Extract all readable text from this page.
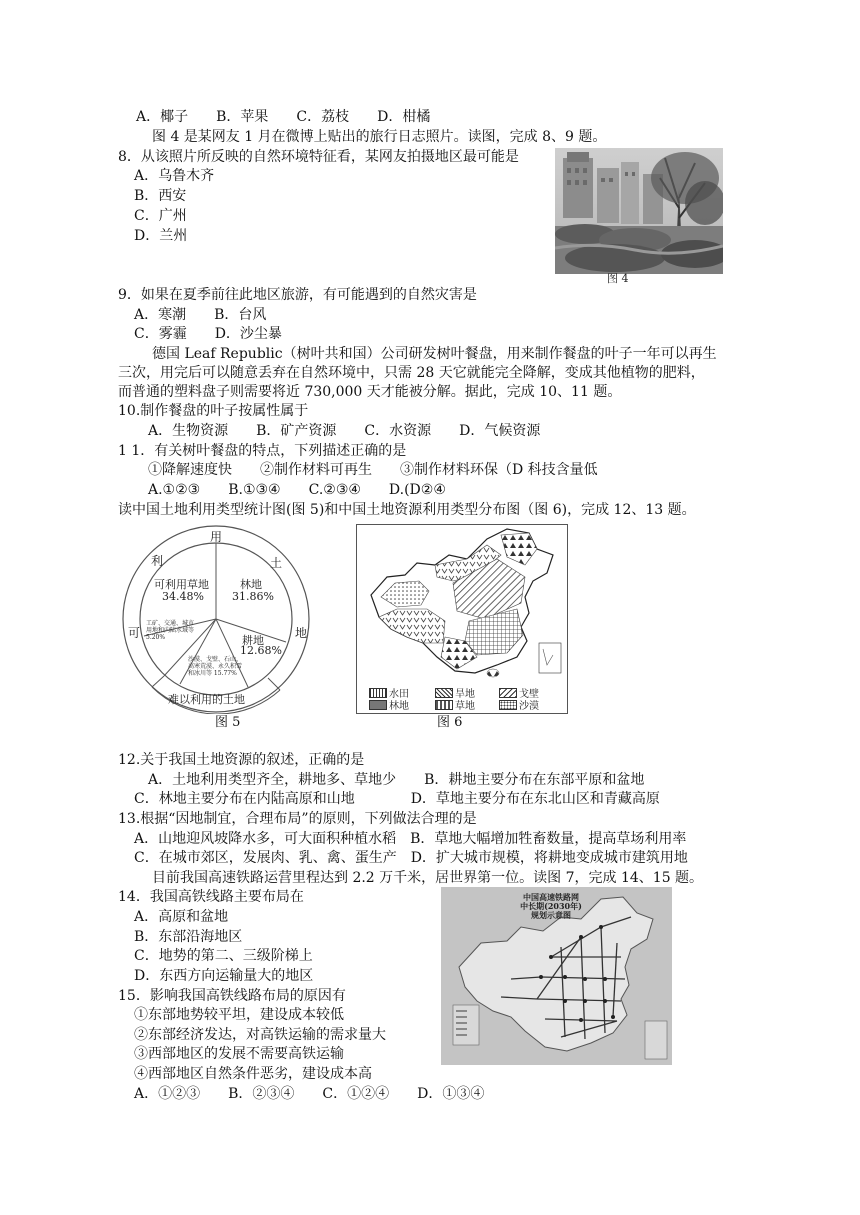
A．椰子　　B．苹果　　C．荔枝　　D．柑橘
图 4 是某网友 1 月在微博上贴出的旅行日志照片。读图，完成 8、9 题。
8．从该照片所反映的自然环境特征看，某网友拍摄地区最可能是
A．乌鲁木齐
B．西安
C．广州
D．兰州
图 4
9．如果在夏季前往此地区旅游，有可能遇到的自然灾害是
A．寒潮　　B．台风
C．雾霾　　D．沙尘暴
德国 Leaf Republic（树叶共和国）公司研发树叶餐盘，用来制作餐盘的叶子一年可以再生
三次，用完后可以随意丢弃在自然环境中，只需 28 天它就能完全降解，变成其他植物的肥料，
而普通的塑料盘子则需要将近 730,000 天才能被分解。据此，完成 10、11 题。
10.制作餐盘的叶子按属性属于
A．生物资源　　B．矿产资源　　C．水资源　　D．气候资源
1 1．有关树叶餐盘的特点，下列描述正确的是
①降解速度快　　②制作材料可再生　　③制作材料环保（D 科技含量低
A.①②③　　B.①③④　　C.②③④　　D.(D②④
读中国土地利用类型统计图(图 5)和中国土地资源利用类型分布图（图 6)，完成 12、13 题。
用
利
可
土
地
难以利用的土地
可利用草地
34.48%
林地
31.86%
耕地
12.68%
工矿、交通、城市用地和内陆水域等 5.20%
沙漠、戈壁、石山、高寒荒漠、永久积雪和冰川等 15.77%
图 5
水田	旱地	戈壁
林地	草地	沙漠
图 6
12.关于我国土地资源的叙述，正确的是
A．土地利用类型齐全，耕地多、草地少　　B．耕地主要分布在东部平原和盆地
C．林地主要分布在内陆高原和山地　　　　D．草地主要分布在东北山区和青藏高原
13.根据“因地制宜，合理布局”的原则，下列做法合理的是
A．山地迎风坡降水多，可大面积种植水稻　B．草地大幅增加牲畜数量，提高草场利用率
C．在城市郊区，发展肉、乳、禽、蛋生产　D．扩大城市规模，将耕地变成城市建筑用地
目前我国高速铁路运营里程达到 2.2 万千米，居世界第一位。读图 7，完成 14、15 题。
14．我国高铁线路主要布局在
A．高原和盆地
B．东部沿海地区
C．地势的第二、三级阶梯上
D．东西方向运输量大的地区
15．影响我国高铁线路布局的原因有
①东部地势较平坦，建设成本较低
②东部经济发达，对高铁运输的需求量大
③西部地区的发展不需要高铁运输
④西部地区自然条件恶劣，建设成本高
A．①②③　　B．②③④　　C．①②④　　D．①③④
中国高速铁路网
中长期(2030年)
规划示意图
